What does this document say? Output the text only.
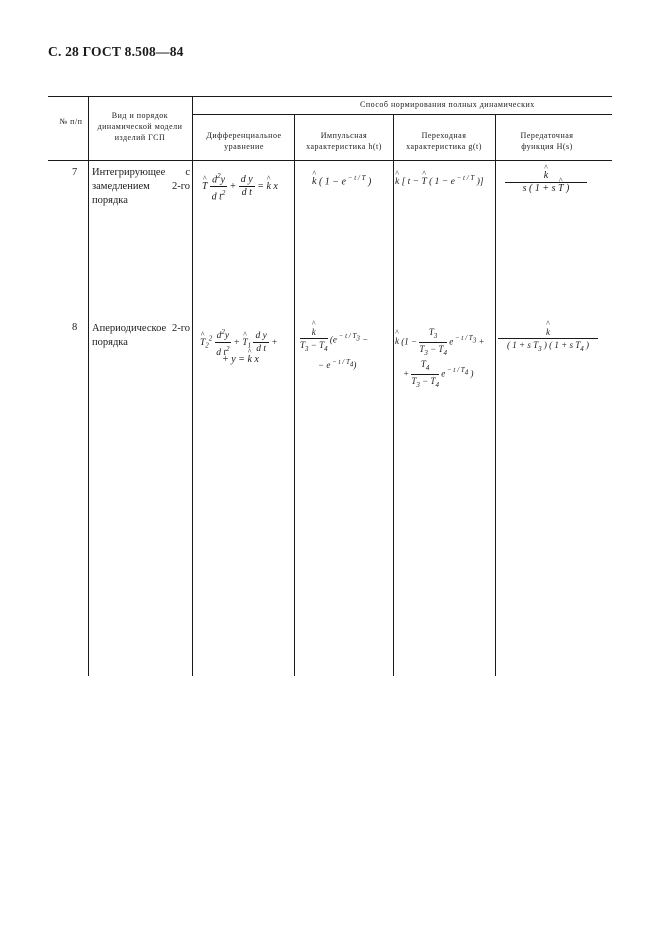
С. 28 ГОСТ 8.508—84
№ п/п
Вид и порядок динамической модели изделий ГСП
Способ нормирования полных динамических
Дифференциальное уравнение
Импульсная характеристика h(t)
Переходная характеристика g(t)
Передаточная функция H(s)
7 Интегрирующее с замедлением 2-го порядка
^ T $\frac{d^2y}{d t^2} + \frac{\text{d y}}{\text{d t}}$ = ^ k x	^ k ( 1 − e $^{- t / T}$ ) ^ k [ t − ^ T ( 1 − e $^{- t / T}$ )] ^ $\frac{k}{s ( 1 + s \^{} T )}$
8 Апериодическое 2-го порядка	^ $T_2^2 \frac{d^2y}{d t^2}$ + ^ $T_1 \frac{\text{d y}}{\text{d t}}$ +
+ y = ^ k x
^ $\frac{k}{T_3 - T_4} (e$ $^{- t / T_3}$ −
− e $^{- t / T_4}$)
^ k ($1 - \frac{T_3}{T_3 - T_4}$ e $^{- t / T_3}$ +
+ $\frac{T_4}{T_3 - T_4}$ e $^{- t / T_4}$ )
^ $\frac{k}{( 1 + s T_3 ) ( 1 + s T_4 )}$
